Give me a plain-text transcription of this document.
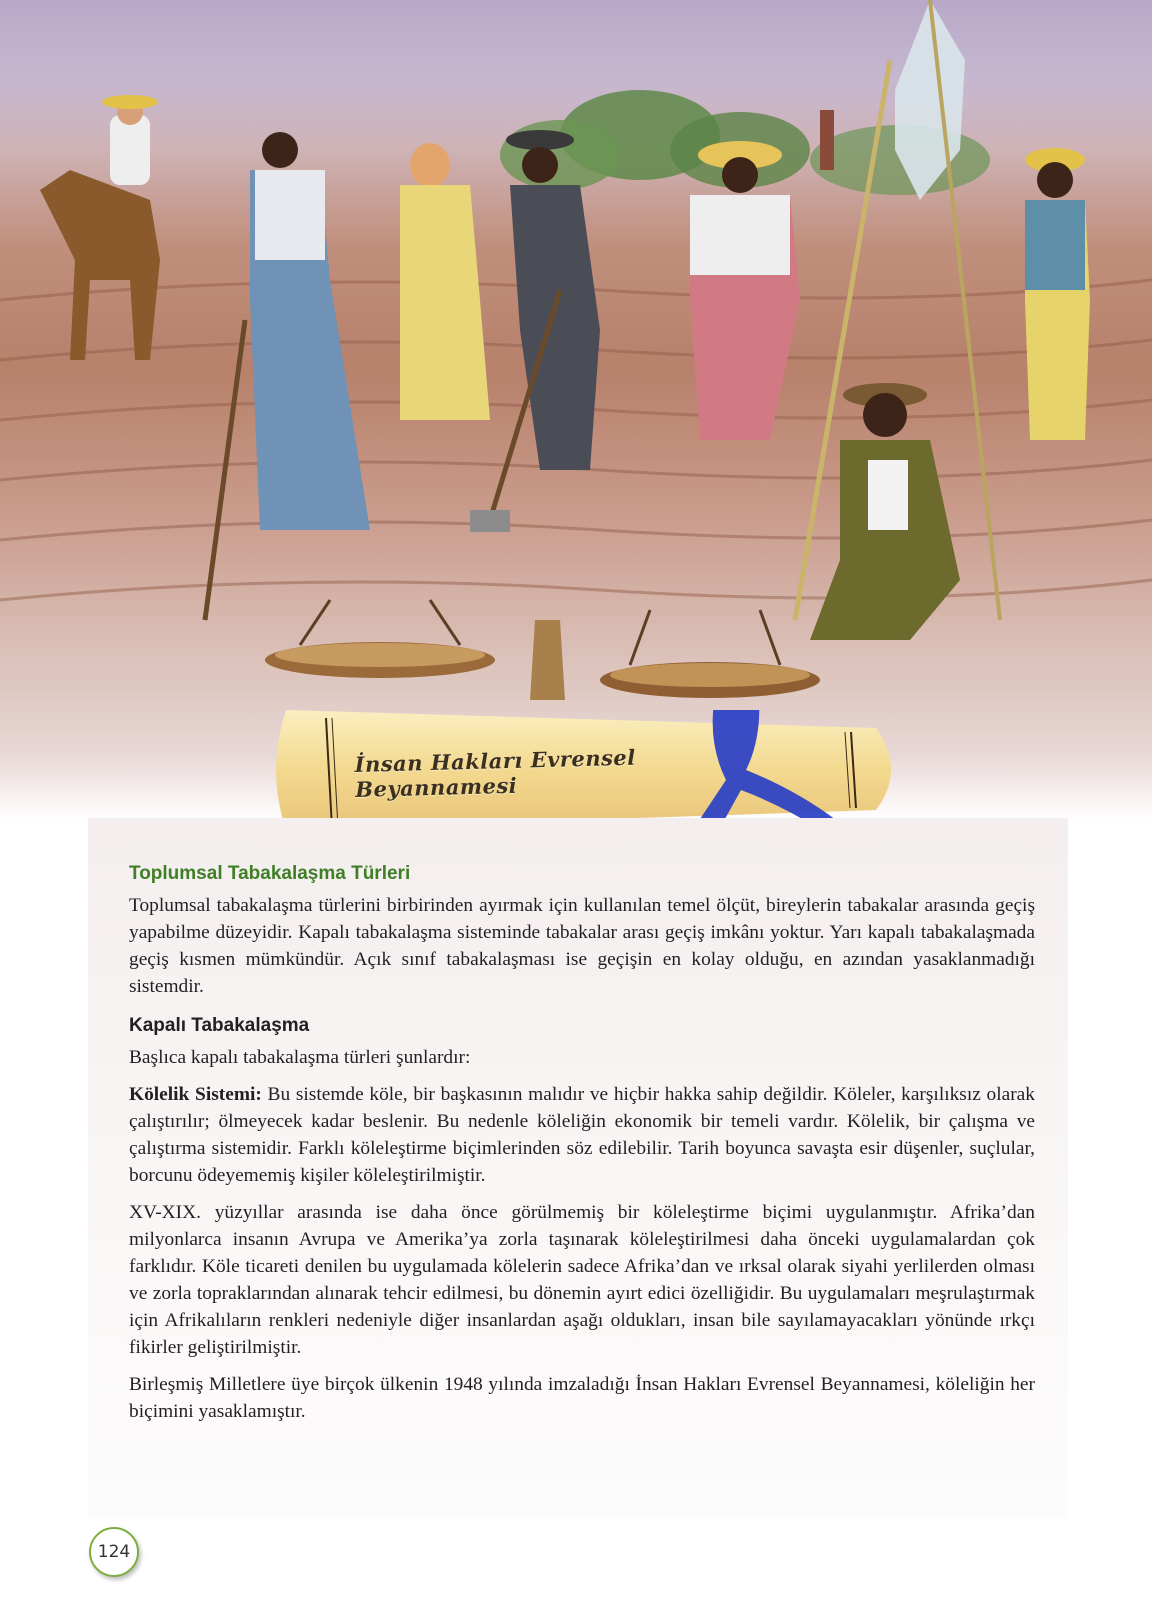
İnsan Hakları Evrensel Beyannamesi
Toplumsal Tabakalaşma Türleri

Toplumsal tabakalaşma türlerini birbirinden ayırmak için kullanılan temel ölçüt, bireylerin tabakalar arasında geçiş yapabilme düzeyidir. Kapalı tabakalaşma sisteminde tabakalar arası geçiş imkânı yoktur. Yarı kapalı tabakalaşmada geçiş kısmen mümkündür. Açık sınıf tabakalaşması ise geçişin en kolay olduğu, en azından yasaklanmadığı sistemdir.

Kapalı Tabakalaşma

Başlıca kapalı tabakalaşma türleri şunlardır:

Kölelik Sistemi: Bu sistemde köle, bir başkasının malıdır ve hiçbir hakka sahip değildir. Köleler, karşılıksız olarak çalıştırılır; ölmeyecek kadar beslenir. Bu nedenle köleliğin ekonomik bir temeli vardır. Kölelik, bir çalışma ve çalıştırma sistemidir. Farklı köleleştirme biçimlerinden söz edilebilir. Tarih boyunca savaşta esir düşenler, suçlular, borcunu ödeyememiş kişiler köleleştirilmiştir.

XV-XIX. yüzyıllar arasında ise daha önce görülmemiş bir köleleştirme biçimi uygulanmıştır. Afrika’dan milyonlarca insanın Avrupa ve Amerika’ya zorla taşınarak köleleştirilmesi daha önceki uygulamalardan çok farklıdır. Köle ticareti denilen bu uygulamada kölelerin sadece Afrika’dan ve ırksal olarak siyahi yerlilerden olması ve zorla topraklarından alınarak tehcir edilmesi, bu dönemin ayırt edici özelliğidir. Bu uygulamaları meşrulaştırmak için Afrikalıların renkleri nedeniyle diğer insanlardan aşağı oldukları, insan bile sayılamayacakları yönünde ırkçı fikirler geliştirilmiştir.

Birleşmiş Milletlere üye birçok ülkenin 1948 yılında imzaladığı İnsan Hakları Evrensel Beyannamesi, köleliğin her biçimini yasaklamıştır.

124
